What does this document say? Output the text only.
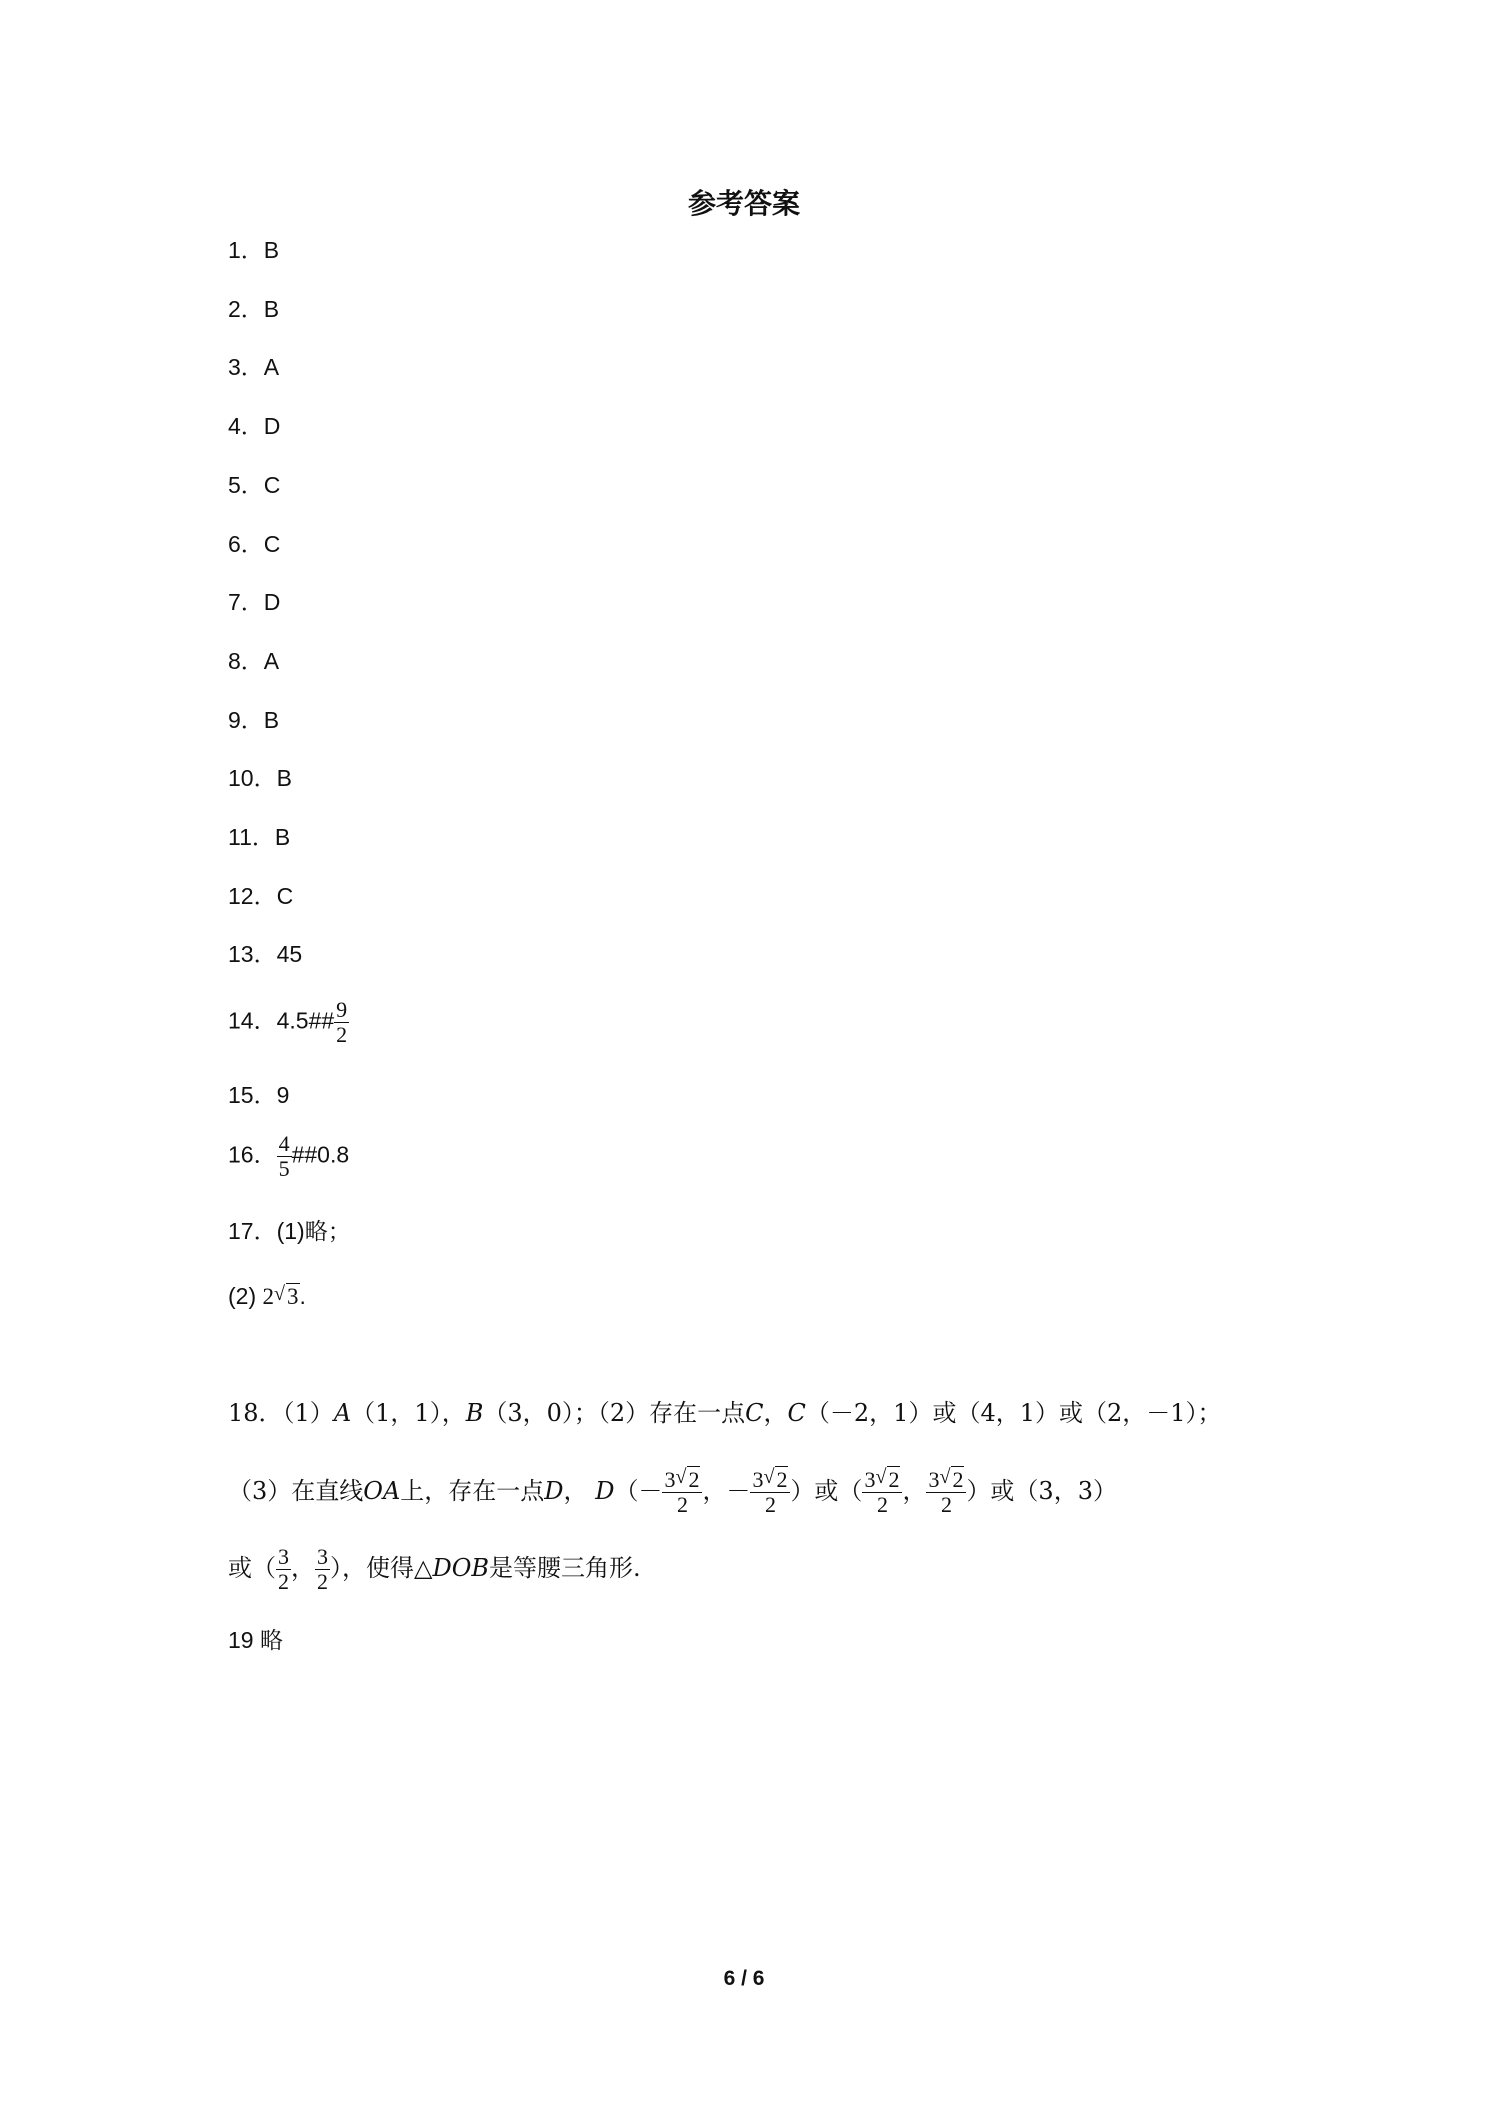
参考答案
1．B
2．B
3．A
4．D
5．C
6．C
7．D
8．A
9．B
10．B
11．B
12．C
13．45
14．4.5## $\frac{9}{2}$
15．9
16． $\frac{4}{5}$ ##0.8
17．(1)略；
(2) 2 √ 3.
18．（1）A（1，1），B（3，0）；（2）存在一点C，C（－2，1）或（4，1）或（2，－1）；
（3）在直线OA上，存在一点D， $D(- \frac{3 √ 2}{2}$ ，－ $\frac{3 √ 2}{2}$ ）或（ $\frac{3 √ 2}{2}$ ， $\frac{3 √ 2}{2}$ ）或（3，3）
或（ $\frac{3}{2}$ ， $\frac{3}{2}$ ），使得△DOB是等腰三角形.
19 略
6 / 6
